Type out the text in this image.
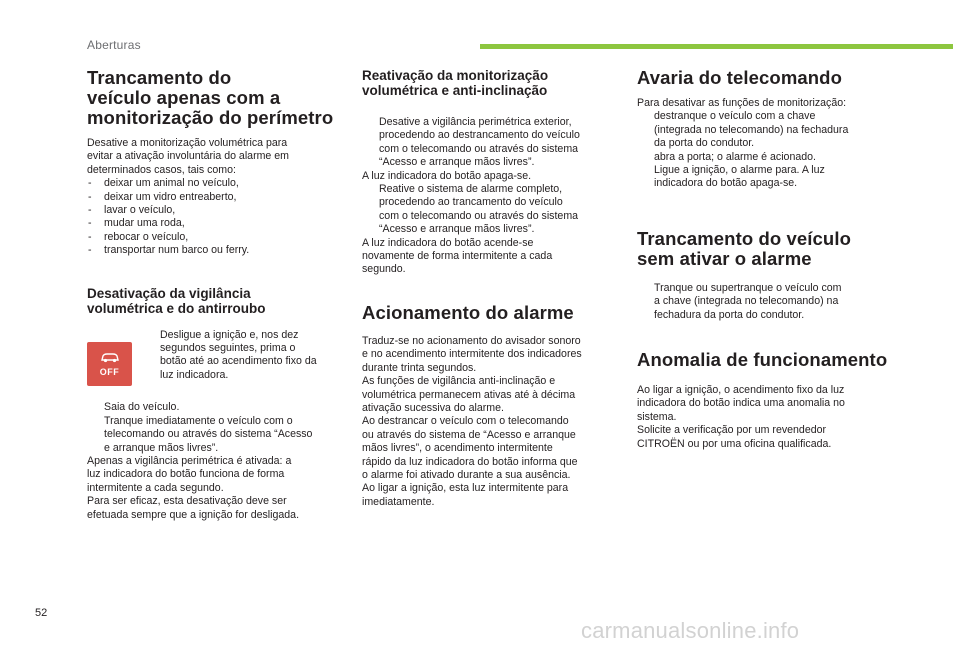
Aberturas
Trancamento do
veículo apenas com a
monitorização do perímetro

Desative a monitorização volumétrica para
evitar a ativação involuntária do alarme em
determinados casos, tais como:

-	deixar um animal no veículo,
-	deixar um vidro entreaberto,
-	lavar o veículo,
-	mudar uma roda,
-	rebocar o veículo,
-	transportar num barco ou ferry.
Desativação da vigilância
volumétrica e do antirroubo
Desligue a ignição e, nos dez
segundos seguintes, prima o
botão até ao acendimento fixo da
luz indicadora.
Saia do veículo.
Tranque imediatamente o veículo com o
telecomando ou através do sistema “Acesso
e arranque mãos livres”.

Apenas a vigilância perimétrica é ativada: a
luz indicadora do botão funciona de forma
intermitente a cada segundo.
Para ser eficaz, esta desativação deve ser
efetuada sempre que a ignição for desligada.

OFF
Reativação da monitorização
volumétrica e anti-inclinação
Desative a vigilância perimétrica exterior,
procedendo ao destrancamento do veículo
com o telecomando ou através do sistema
“Acesso e arranque mãos livres”.

A luz indicadora do botão apaga-se.

Reative o sistema de alarme completo,
procedendo ao trancamento do veículo
com o telecomando ou através do sistema
“Acesso e arranque mãos livres”.

A luz indicadora do botão acende-se
novamente de forma intermitente a cada
segundo.

Acionamento do alarme

Traduz-se no acionamento do avisador sonoro
e no acendimento intermitente dos indicadores
durante trinta segundos.
As funções de vigilância anti-inclinação e
volumétrica permanecem ativas até à décima
ativação sucessiva do alarme.
Ao destrancar o veículo com o telecomando
ou através do sistema de “Acesso e arranque
mãos livres”, o acendimento intermitente
rápido da luz indicadora do botão informa que
o alarme foi ativado durante a sua ausência.
Ao ligar a ignição, esta luz intermitente para
imediatamente.

Avaria do telecomando

Para desativar as funções de monitorização:

destranque o veículo com a chave
(integrada no telecomando) na fechadura
da porta do condutor.
abra a porta; o alarme é acionado.
Ligue a ignição, o alarme para. A luz
indicadora do botão apaga-se.
Trancamento do veículo
sem ativar o alarme
Tranque ou supertranque o veículo com
a chave (integrada no telecomando) na
fechadura da porta do condutor.
Anomalia de funcionamento

Ao ligar a ignição, o acendimento fixo da luz
indicadora do botão indica uma anomalia no
sistema.
Solicite a verificação por um revendedor
CITROËN ou por uma oficina qualificada.

52
carmanualsonline.info
